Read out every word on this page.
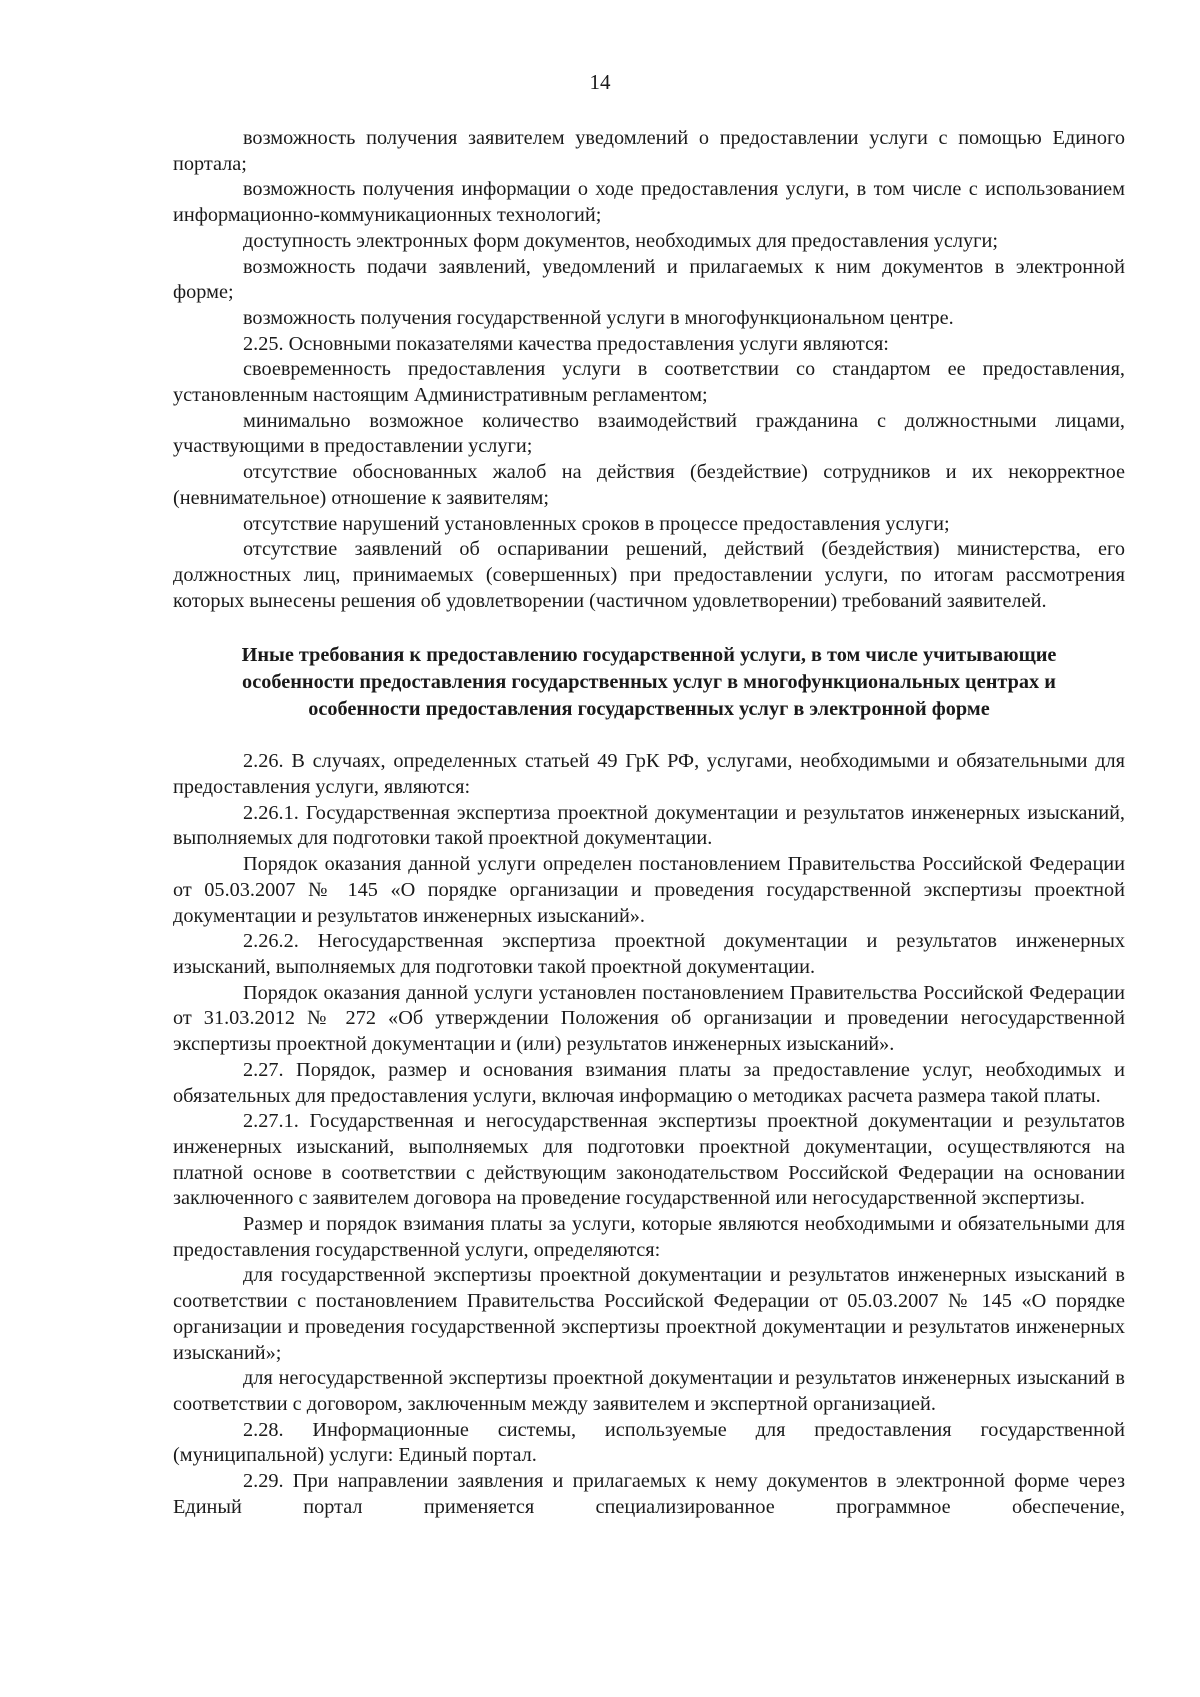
14

возможность получения заявителем уведомлений о предоставлении услуги с помощью Единого портала;

возможность получения информации о ходе предоставления услуги, в том числе с использованием информационно-коммуникационных технологий;

доступность электронных форм документов, необходимых для предоставления услуги;

возможность подачи заявлений, уведомлений и прилагаемых к ним документов в электронной форме;

возможность получения государственной услуги в многофункциональном центре.

2.25. Основными показателями качества предоставления услуги являются:

своевременность предоставления услуги в соответствии со стандартом ее предоставления, установленным настоящим Административным регламентом;

минимально возможное количество взаимодействий гражданина с должностными лицами, участвующими в предоставлении услуги;

отсутствие обоснованных жалоб на действия (бездействие) сотрудников и их некорректное (невнимательное) отношение к заявителям;

отсутствие нарушений установленных сроков в процессе предоставления услуги;

отсутствие заявлений об оспаривании решений, действий (бездействия) министерства, его должностных лиц, принимаемых (совершенных) при предоставлении услуги, по итогам рассмотрения которых вынесены решения об удовлетворении (частичном удовлетворении) требований заявителей.

Иные требования к предоставлению государственной услуги, в том числе учитывающие
особенности предоставления государственных услуг в многофункциональных центрах и
особенности предоставления государственных услуг в электронной форме

2.26. В случаях, определенных статьей 49 ГрК РФ, услугами, необходимыми и обязательными для предоставления услуги, являются:

2.26.1. Государственная экспертиза проектной документации и результатов инженерных изысканий, выполняемых для подготовки такой проектной документации.

Порядок оказания данной услуги определен постановлением Правительства Российской Федерации от 05.03.2007 № 145 «О порядке организации и проведения государственной экспертизы проектной документации и результатов инженерных изысканий».

2.26.2. Негосударственная экспертиза проектной документации и результатов инженерных изысканий, выполняемых для подготовки такой проектной документации.

Порядок оказания данной услуги установлен постановлением Правительства Российской Федерации от 31.03.2012 № 272 «Об утверждении Положения об организации и проведении негосударственной экспертизы проектной документации и (или) результатов инженерных изысканий».

2.27. Порядок, размер и основания взимания платы за предоставление услуг, необходимых и обязательных для предоставления услуги, включая информацию о методиках расчета размера такой платы.

2.27.1. Государственная и негосударственная экспертизы проектной документации и результатов инженерных изысканий, выполняемых для подготовки проектной документации, осуществляются на платной основе в соответствии с действующим законодательством Российской Федерации на основании заключенного с заявителем договора на проведение государственной или негосударственной экспертизы.

Размер и порядок взимания платы за услуги, которые являются необходимыми и обязательными для предоставления государственной услуги, определяются:

для государственной экспертизы проектной документации и результатов инженерных изысканий в соответствии с постановлением Правительства Российской Федерации от 05.03.2007 № 145 «О порядке организации и проведения государственной экспертизы проектной документации и результатов инженерных изысканий»;

для негосударственной экспертизы проектной документации и результатов инженерных изысканий в соответствии с договором, заключенным между заявителем и экспертной организацией.

2.28. Информационные системы, используемые для предоставления государственной (муниципальной) услуги: Единый портал.

2.29. При направлении заявления и прилагаемых к нему документов в электронной форме через Единый портал применяется специализированное программное обеспечение,
